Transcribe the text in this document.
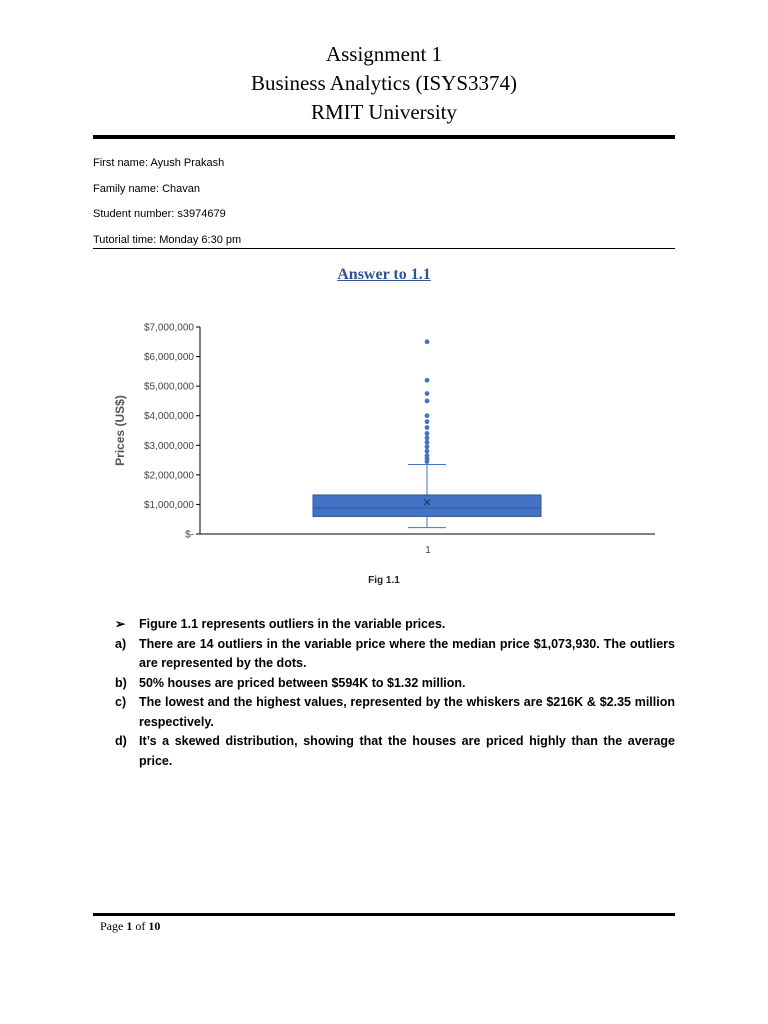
Assignment 1
Business Analytics (ISYS3374)
RMIT University
First name: Ayush Prakash
Family name: Chavan
Student number: s3974679
Tutorial time: Monday 6:30 pm
Answer to 1.1
$-
$1,000,000
$2,000,000
$3,000,000
$4,000,000
$5,000,000
$6,000,000
$7,000,000
Prices (US$)
1
Fig 1.1
➢	Figure 1.1 represents outliers in the variable prices.
a)	There are 14 outliers in the variable price where the median price $1,073,930. The outliers are represented by the dots.
b) 50% houses are priced between $594K to $1.32 million.
c)	The lowest and the highest values, represented by the whiskers are $216K & $2.35 million respectively.
d) It’s a skewed distribution, showing that the houses are priced highly than the average price.
Page 1 of 10
